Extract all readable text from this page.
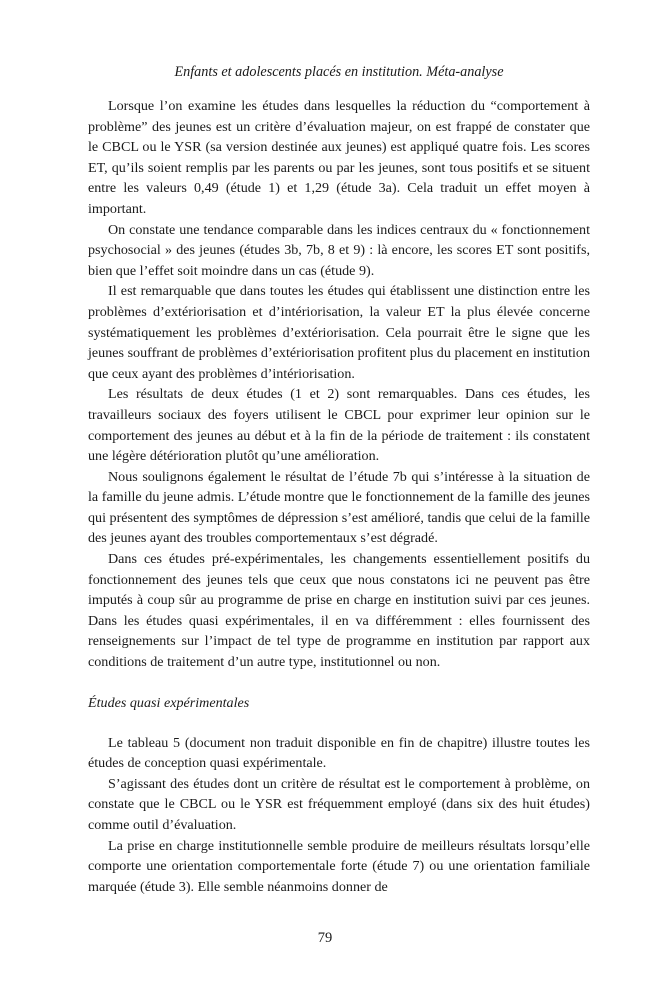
Enfants et adolescents placés en institution. Méta-analyse

Lorsque l’on examine les études dans lesquelles la réduction du “comportement à problème” des jeunes est un critère d’évaluation majeur, on est frappé de constater que le CBCL ou le YSR (sa version destinée aux jeunes) est appliqué quatre fois. Les scores ET, qu’ils soient remplis par les parents ou par les jeunes, sont tous positifs et se situent entre les valeurs 0,49 (étude 1) et 1,29 (étude 3a). Cela traduit un effet moyen à important.

On constate une tendance comparable dans les indices centraux du « fonctionnement psychosocial » des jeunes (études 3b, 7b, 8 et 9) : là encore, les scores ET sont positifs, bien que l’effet soit moindre dans un cas (étude 9).

Il est remarquable que dans toutes les études qui établissent une distinction entre les problèmes d’extériorisation et d’intériorisation, la valeur ET la plus élevée concerne systématiquement les problèmes d’extériorisation. Cela pourrait être le signe que les jeunes souffrant de problèmes d’extériorisation profitent plus du placement en institution que ceux ayant des problèmes d’intériorisation.

Les résultats de deux études (1 et 2) sont remarquables. Dans ces études, les travailleurs sociaux des foyers utilisent le CBCL pour exprimer leur opinion sur le comportement des jeunes au début et à la fin de la période de traitement : ils constatent une légère détérioration plutôt qu’une amélioration.

Nous soulignons également le résultat de l’étude 7b qui s’intéresse à la situation de la famille du jeune admis. L’étude montre que le fonctionnement de la famille des jeunes qui présentent des symptômes de dépression s’est amélioré, tandis que celui de la famille des jeunes ayant des troubles comportementaux s’est dégradé.

Dans ces études pré-expérimentales, les changements essentiellement positifs du fonctionnement des jeunes tels que ceux que nous constatons ici ne peuvent pas être imputés à coup sûr au programme de prise en charge en institution suivi par ces jeunes. Dans les études quasi expérimentales, il en va différemment : elles fournissent des renseignements sur l’impact de tel type de programme en institution par rapport aux conditions de traitement d’un autre type, institutionnel ou non.

Études quasi expérimentales

Le tableau 5 (document non traduit disponible en fin de chapitre) illustre toutes les études de conception quasi expérimentale.

S’agissant des études dont un critère de résultat est le comportement à problème, on constate que le CBCL ou le YSR est fréquemment employé (dans six des huit études) comme outil d’évaluation.

La prise en charge institutionnelle semble produire de meilleurs résultats lorsqu’elle comporte une orientation comportementale forte (étude 7) ou une orientation familiale marquée (étude 3). Elle semble néanmoins donner de

79
